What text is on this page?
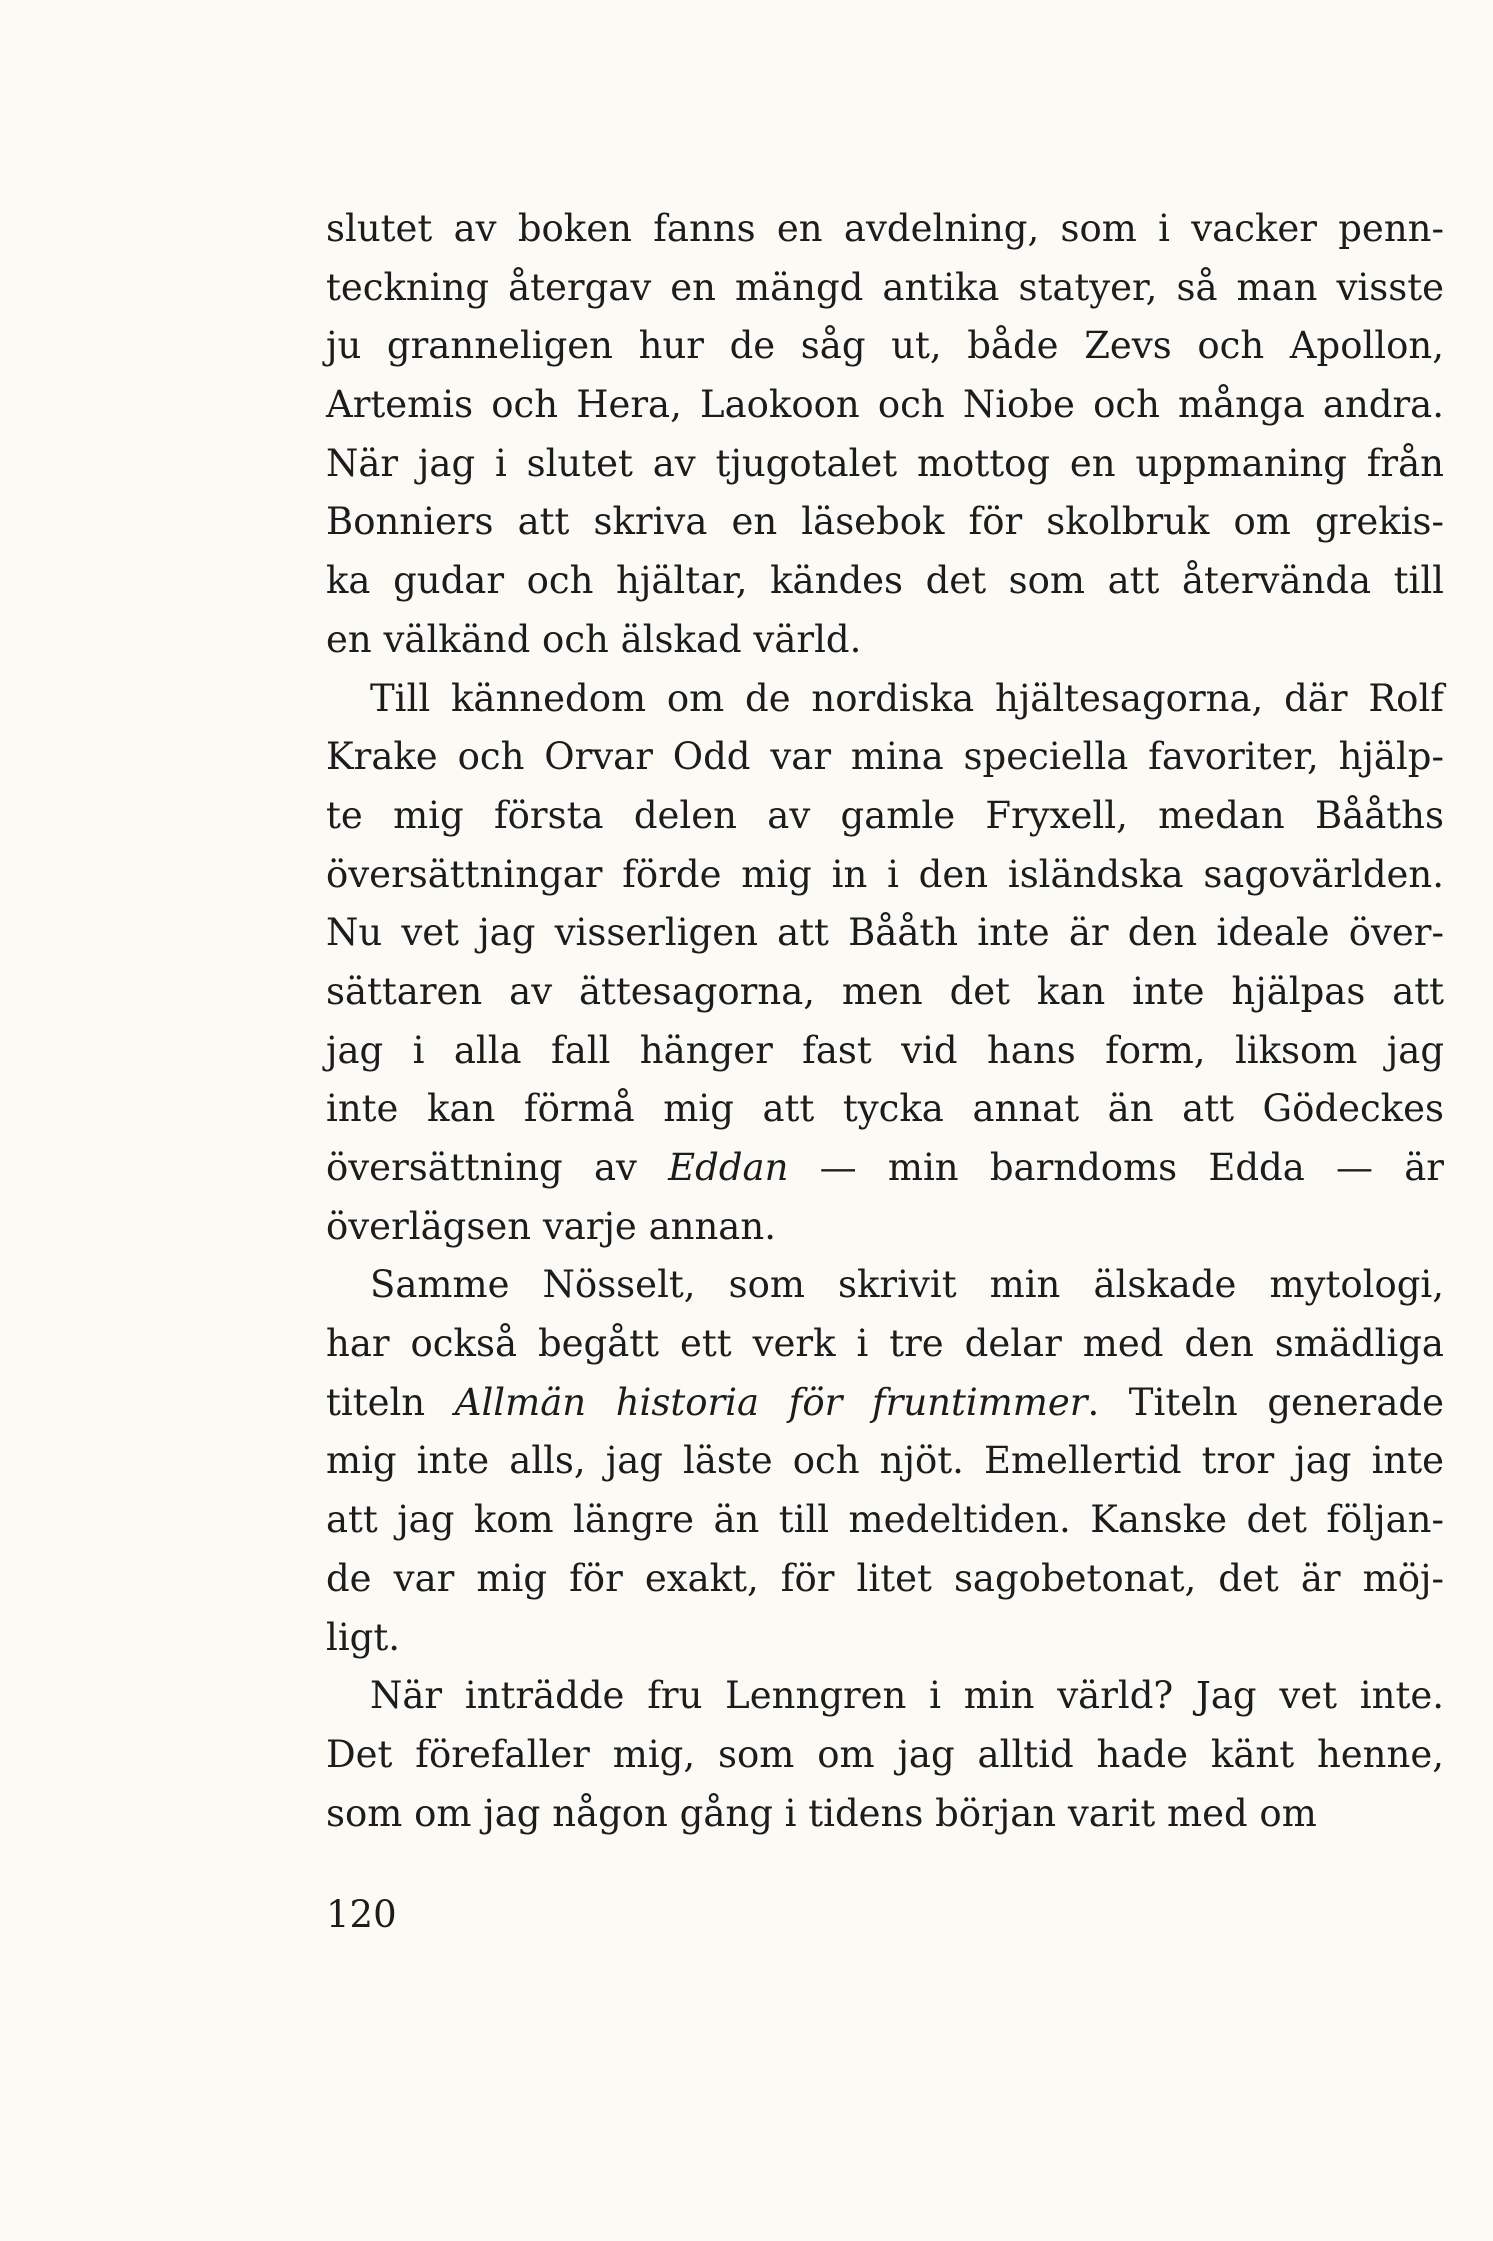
slutet av boken fanns en avdelning, som i vacker penn-
teckning återgav en mängd antika statyer, så man visste
ju granneligen hur de såg ut, både Zevs och Apollon,
Artemis och Hera, Laokoon och Niobe och många andra.
När jag i slutet av tjugotalet mottog en uppmaning från
Bonniers att skriva en läsebok för skolbruk om grekis-
ka gudar och hjältar, kändes det som att återvända till
en välkänd och älskad värld.
Till kännedom om de nordiska hjältesagorna, där Rolf
Krake och Orvar Odd var mina speciella favoriter, hjälp-
te mig första delen av gamle Fryxell, medan Bååths
översättningar förde mig in i den isländska sagovärlden.
Nu vet jag visserligen att Bååth inte är den ideale över-
sättaren av ättesagorna, men det kan inte hjälpas att
jag i alla fall hänger fast vid hans form, liksom jag
inte kan förmå mig att tycka annat än att Gödeckes
översättning av Eddan — min barndoms Edda — är
överlägsen varje annan.
Samme Nösselt, som skrivit min älskade mytologi,
har också begått ett verk i tre delar med den smädliga
titeln Allmän historia för fruntimmer. Titeln generade
mig inte alls, jag läste och njöt. Emellertid tror jag inte
att jag kom längre än till medeltiden. Kanske det följan-
de var mig för exakt, för litet sagobetonat, det är möj-
ligt.
När inträdde fru Lenngren i min värld? Jag vet inte.
Det förefaller mig, som om jag alltid hade känt henne,
som om jag någon gång i tidens början varit med om
120
